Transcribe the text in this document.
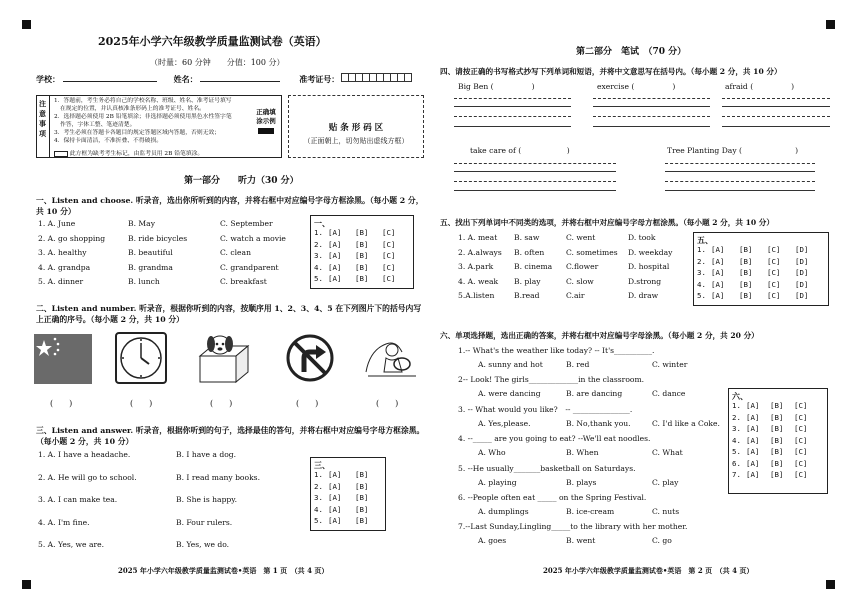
2025年小学六年级教学质量监测试卷（英语）
（时量：60 分钟　　分值：100 分）
学校：	姓名：	准考证号：
注意事项	1．答题前，考生务必将自己的学校名称、班级、姓名、准考证号填写

在规定的位置，并认真核准条形码上的准考证号、姓名。

2．选择题必须使用 2B 铅笔填涂；非选择题必须使用黑色水性签字笔

作答，字体工整、笔迹清楚。

3．考生必须在答题卡各题目的规定答题区域内答题，否则无效；

4．保持卡面清洁，不准折叠、不得破损。

此方框为缺考考生标记，由监考员用 2B 铅笔填涂。
正确填涂示例
贴 条 形 码 区
（正面朝上，切勿贴出虚线方框）
第一部分　　听力（30 分）
一、Listen and choose. 听录音，选出你所听到的内容，并将右框中对应编号字母方框涂黑。（每小题 2 分，共 10 分）
1. A. June	B. May	C. September
2. A. go shopping	B. ride bicycles	C. watch a movie
3. A. healthy	B. beautiful	C. clean
4. A. grandpa	B. grandma	C. grandparent
5. A. dinner	B. lunch	C. breakfast
一、
1. [A]	[B]	[C]
2. [A]	[B]	[C]
3. [A]	[B]	[C]
4. [A]	[B]	[C]
5. [A]	[B]	[C]
二、Listen and number. 听录音，根据你听到的内容，按顺序用 1、2、3、4、5 在下列图片下的括号内写上正确的序号。（每小题 2 分，共 10 分）
(　　)	(　　)	(　　)	(　　)	(　　)
三、Listen and answer. 听录音，根据你听到的句子，选择最佳的答句，并将右框中对应编号字母方框涂黑。（每小题 2 分，共 10 分）
1. A. I have a headache.	B. I have a dog.
2. A. He will go to school.	B. I read many books.
3. A. I can make tea.	B. She is happy.
4. A. I'm fine.	B. Four rulers.
5. A. Yes, we are.	B. Yes, we do.
三、
1. [A]	[B]
2. [A]	[B]
3. [A]	[B]
4. [A]	[B]
5. [A]	[B]
2025 年小学六年级教学质量监测试卷•英语　第 1 页　（共 4 页）
第二部分　笔试　（70 分）
四、请按正确的书写格式抄写下列单词和短语，并将中文意思写在括号内。（每小题 2 分，共 10 分）
Big Ben (　　　　　)	exercise (　　　　　)	afraid (　　　　　)
take care of (　　　　　　)	Tree Planting Day (　　　　　　　)
五、找出下列单词中不同类的选项，并将右框中对应编号字母方框涂黑。（每小题 2 分，共 10 分）
1. A. meat B. saw	C. went	D. took
2. A.always B. often	C. sometimes D. weekday
3. A.park	B. cinema C.flower	D. hospital
4. A. weak B. play	C. slow	D.strong
5.A.listen	B.read	C.air	D. draw
五、
1. [A]	[B]	[C]	[D]
2. [A]	[B]	[C]	[D]
3. [A]	[B]	[C]	[D]
4. [A]	[B]	[C]	[D]
5. [A]	[B]	[C]	[D]
六、单项选择题，选出正确的答案，并将右框中对应编号字母涂黑。（每小题 2 分，共 20 分）
1.-- What's the weather like today? -- It's__________.
A. sunny and hot	B. red	C. winter
2-- Look! The girls_____________in the classroom.
A. were dancing	B. are dancing	C. dance
3. -- What would you like?　-- _______________.
A. Yes,please.	B. No,thank you.	C. I'd like a Coke.
4. --_____ are you going to eat? --We'll eat noodles.
A. Who	B. When	C. What
5. --He usually_______basketball on Saturdays.
A. playing	B. plays	C. play
6. --People often eat _____ on the Spring Festival.
A. dumplings	B. ice-cream	C. nuts
7.--Last Sunday,Lingling_____to the library with her mother.
A. goes	B. went	C. go
六、
1. [A]	[B]	[C]
2. [A]	[B]	[C]
3. [A]	[B]	[C]
4. [A]	[B]	[C]
5. [A]	[B]	[C]
6. [A]	[B]	[C]
7. [A]	[B]	[C]
2025 年小学六年级教学质量监测试卷•英语　第 2 页　（共 4 页）
